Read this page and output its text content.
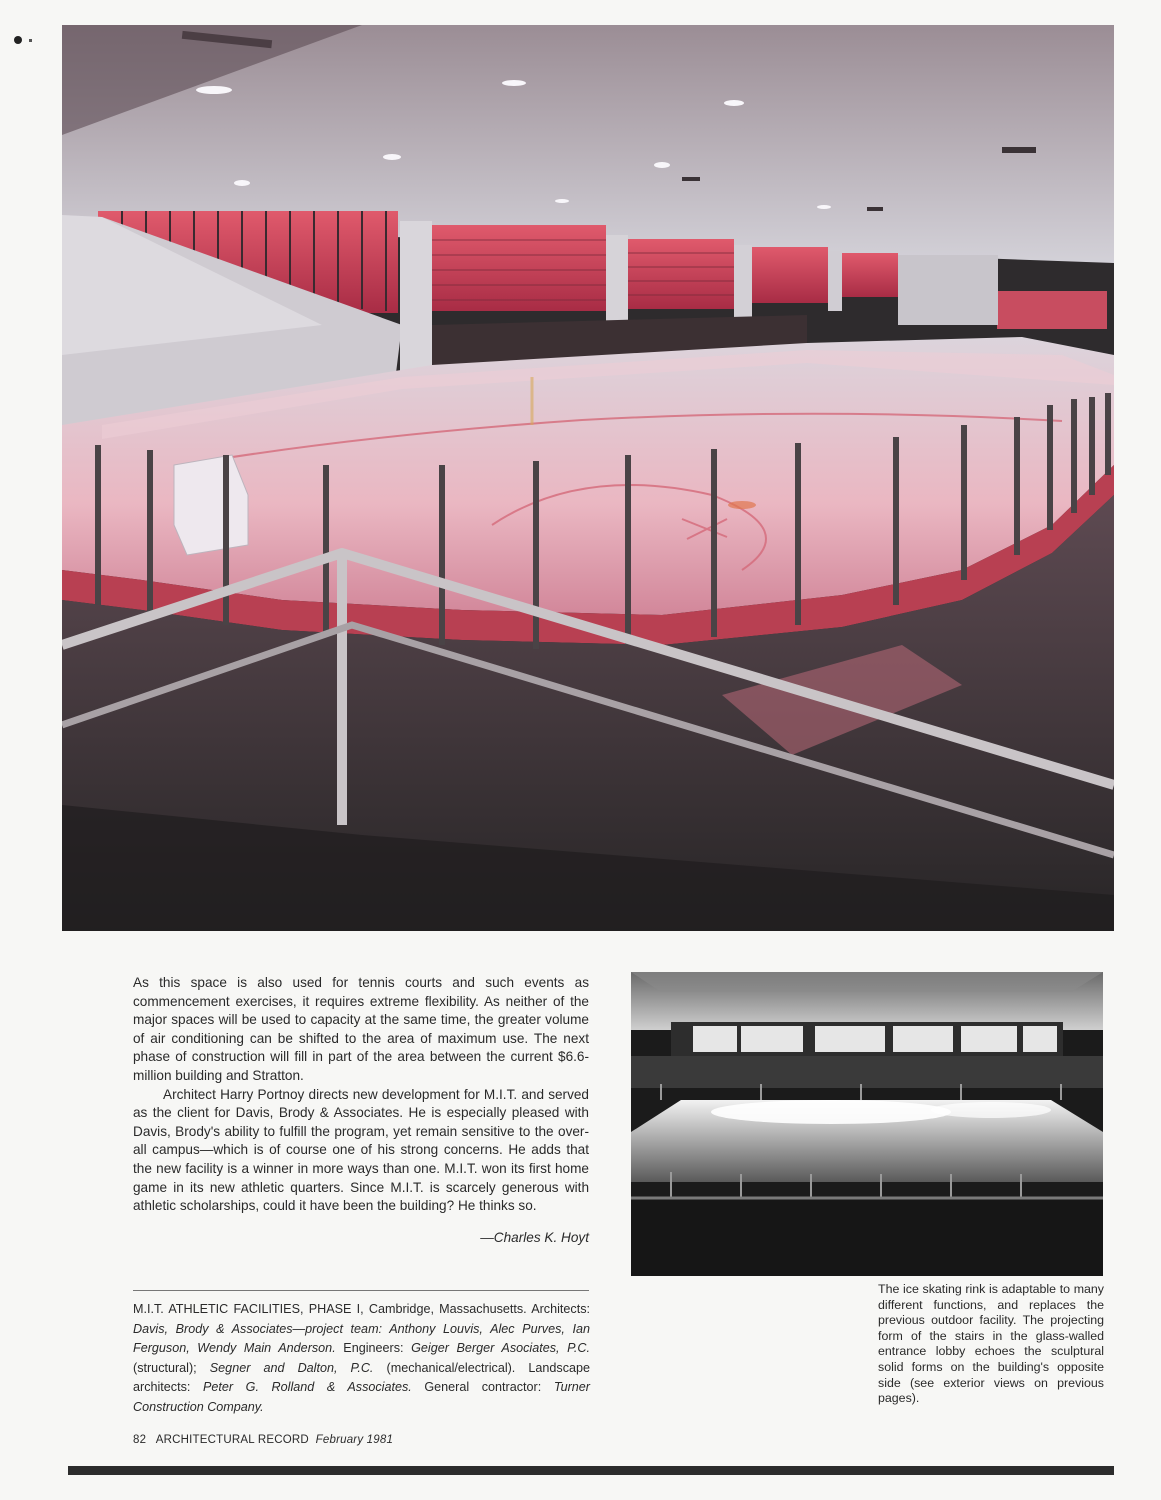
As this space is also used for tennis courts and such events as commencement exercises, it requires extreme flexibility. As neither of the major spaces will be used to capacity at the same time, the greater volume of air conditioning can be shifted to the area of maximum use. The next phase of construction will fill in part of the area between the current $6.6-million building and Stratton.

Architect Harry Portnoy directs new development for M.I.T. and served as the client for Davis, Brody & Associates. He is especially pleased with Davis, Brody's ability to fulfill the program, yet remain sensitive to the over-all campus—which is of course one of his strong concerns. He adds that the new facility is a winner in more ways than one. M.I.T. won its first home game in its new athletic quarters. Since M.I.T. is scarcely generous with athletic scholarships, could it have been the building? He thinks so.

—Charles K. Hoyt
M.I.T. ATHLETIC FACILITIES, PHASE I, Cambridge, Massachusetts. Architects: Davis, Brody & Associates—project team: Anthony Louvis, Alec Purves, Ian Ferguson, Wendy Main Anderson. Engineers: Geiger Berger Asociates, P.C. (structural); Segner and Dalton, P.C. (mechanical/electrical). Landscape architects: Peter G. Rolland & Associates. General contractor: Turner Construction Company.
The ice skating rink is adaptable to many different functions, and replaces the previous outdoor facility. The projecting form of the stairs in the glass-walled entrance lobby echoes the sculptural solid forms on the building's opposite side (see exterior views on previous pages).
82 ARCHITECTURAL RECORD February 1981
